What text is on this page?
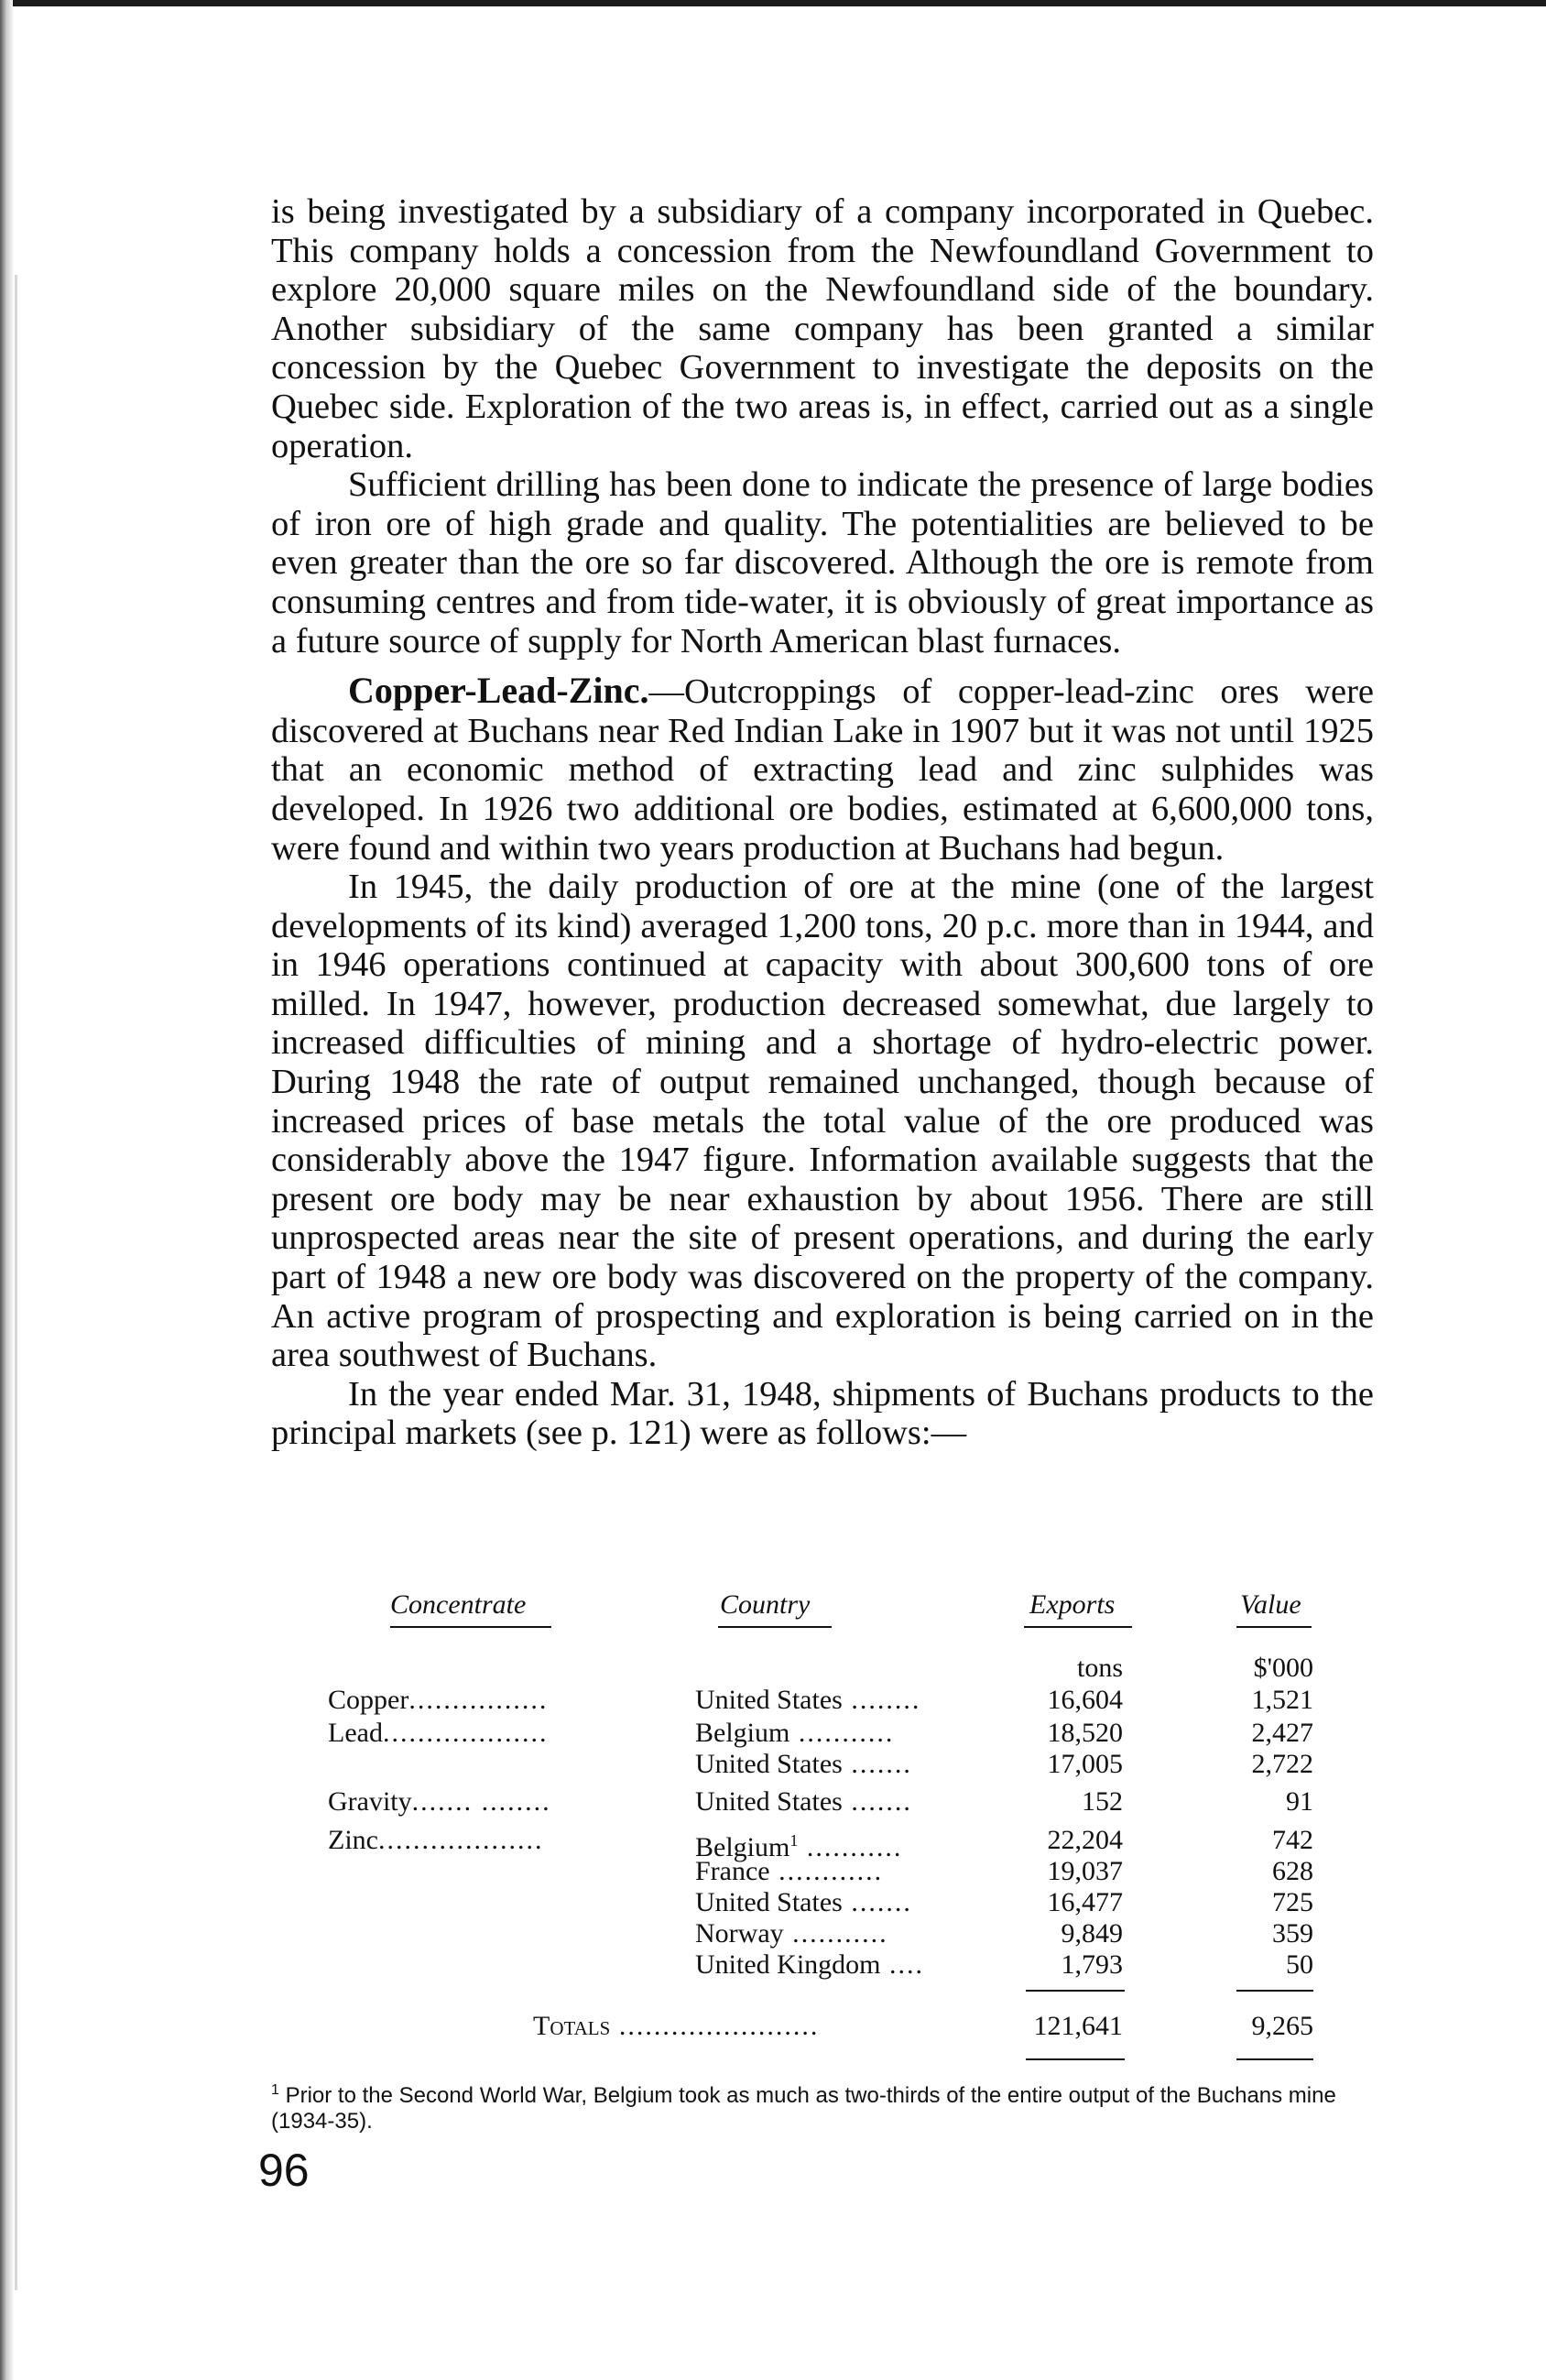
is being investigated by a subsidiary of a company incorporated in Quebec. This company holds a concession from the Newfoundland Government to explore 20,000 square miles on the Newfoundland side of the boundary. Another subsidiary of the same company has been granted a similar concession by the Quebec Government to investigate the deposits on the Quebec side. Exploration of the two areas is, in effect, carried out as a single operation.

Sufficient drilling has been done to indicate the presence of large bodies of iron ore of high grade and quality. The potentialities are believed to be even greater than the ore so far discovered. Although the ore is remote from consuming centres and from tide-water, it is obviously of great importance as a future source of supply for North American blast furnaces.

Copper-Lead-Zinc.—Outcroppings of copper-lead-zinc ores were discovered at Buchans near Red Indian Lake in 1907 but it was not until 1925 that an economic method of extracting lead and zinc sulphides was developed. In 1926 two additional ore bodies, estimated at 6,600,000 tons, were found and within two years production at Buchans had begun.

In 1945, the daily production of ore at the mine (one of the largest developments of its kind) averaged 1,200 tons, 20 p.c. more than in 1944, and in 1946 operations continued at capacity with about 300,600 tons of ore milled. In 1947, however, production decreased somewhat, due largely to increased difficulties of mining and a shortage of hydro-electric power. During 1948 the rate of output remained unchanged, though because of increased prices of base metals the total value of the ore produced was considerably above the 1947 figure. Information available suggests that the present ore body may be near exhaustion by about 1956. There are still unprospected areas near the site of present operations, and during the early part of 1948 a new ore body was discovered on the property of the company. An active program of prospecting and exploration is being carried on in the area southwest of Buchans.

In the year ended Mar. 31, 1948, shipments of Buchans products to the principal markets (see p. 121) were as follows:—

Concentrate	Country	Exports	Value
tons	$'000
Copper................	United States ........	16,604	1,521
Lead...................	Belgium ...........	18,520	2,427
United States .......	17,005	2,722
Gravity....... ........	United States .......	152	91
Zinc...................	Belgium$^1$ ...........	22,204	742
France ............	19,037	628
United States .......	16,477	725
Norway ...........	9,849	359
United Kingdom ....	1,793	50
Totals .......................	121,641	9,265
$^1$ Prior to the Second World War, Belgium took as much as two-thirds of the entire output of the Buchans mine (1934-35).
96
